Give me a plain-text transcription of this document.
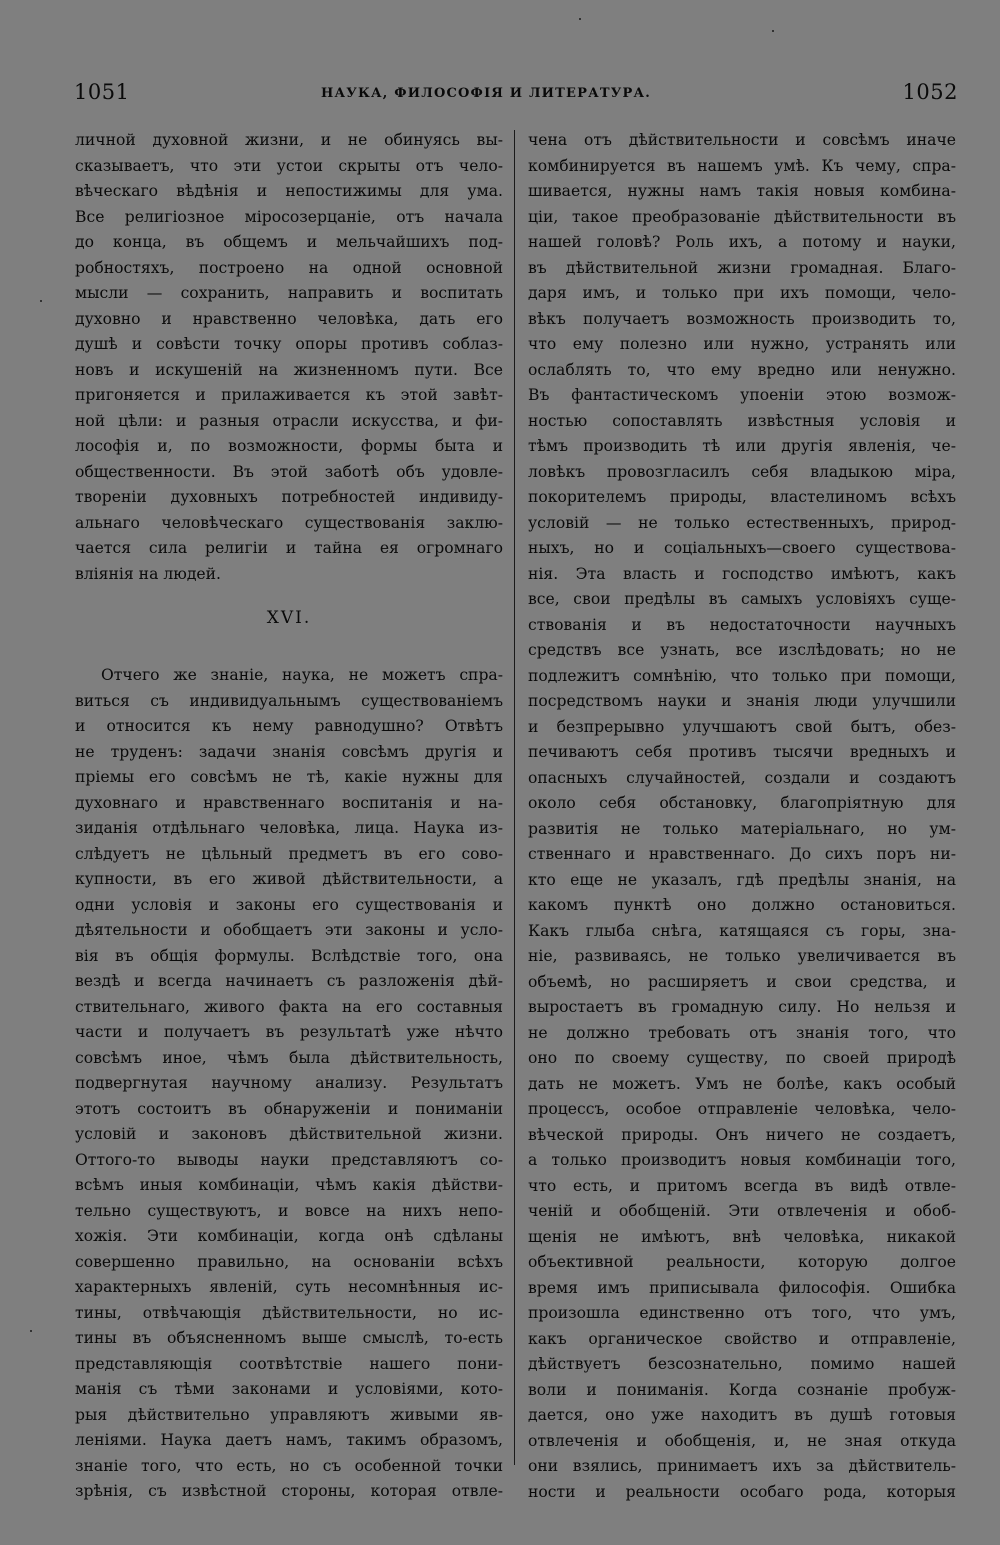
1051	НАУКА, ФИЛОСОФIЯ И ЛИТЕРАТУРА.	1052
личной духовной жизни, и не обинуясь вы-
сказываетъ, что эти устои скрыты отъ чело-
вѣческаго вѣдѣнія и непостижимы для ума.
Все религіозное міросозерцаніе, отъ начала
до конца, въ общемъ и мельчайшихъ под-
робностяхъ, построено на одной основной
мысли — сохранить, направить и воспитать
духовно и нравственно человѣка, дать его
душѣ и совѣсти точку опоры противъ соблаз-
новъ и искушеній на жизненномъ пути. Все
пригоняется и прилаживается къ этой завѣт-
ной цѣли: и разныя отрасли искусства, и фи-
лософія и, по возможности, формы быта и
общественности. Въ этой заботѣ объ удовле-
твореніи духовныхъ потребностей индивиду-
альнаго человѣческаго существованія заклю-
чается сила религіи и тайна ея огромнаго
вліянія на людей.
XVI.
Отчего же знаніе, наука, не можетъ спра-
виться съ индивидуальнымъ существованіемъ
и относится къ нему равнодушно? Отвѣтъ
не труденъ: задачи знанія совсѣмъ другія и
пріемы его совсѣмъ не тѣ, какіе нужны для
духовнаго и нравственнаго воспитанія и на-
зиданія отдѣльнаго человѣка, лица. Наука из-
слѣдуетъ не цѣльный предметъ въ его сово-
купности, въ его живой дѣйствительности, а
одни условія и законы его существованія и
дѣятельности и обобщаетъ эти законы и усло-
вія въ общія формулы. Вслѣдствіе того, она
вездѣ и всегда начинаетъ съ разложенія дѣй-
ствительнаго, живого факта на его составныя
части и получаетъ въ результатѣ уже нѣчто
совсѣмъ иное, чѣмъ была дѣйствительность,
подвергнутая научному анализу. Результатъ
этотъ состоитъ въ обнаруженіи и пониманіи
условій и законовъ дѣйствительной жизни.
Оттого-то выводы науки представляютъ со-
всѣмъ иныя комбинаціи, чѣмъ какія дѣйстви-
тельно существуютъ, и вовсе на нихъ непо-
хожія. Эти комбинаціи, когда онѣ сдѣланы
совершенно правильно, на основаніи всѣхъ
характерныхъ явленій, суть несомнѣнныя ис-
тины, отвѣчающія дѣйствительности, но ис-
тины въ объясненномъ выше смыслѣ, то-есть
представляющія соотвѣтствіе нашего пони-
манія съ тѣми законами и условіями, кото-
рыя дѣйствительно управляютъ живыми яв-
леніями. Наука даетъ намъ, такимъ образомъ,
знаніе того, что есть, но съ особенной точки
зрѣнія, съ извѣстной стороны, которая отвле-
чена отъ дѣйствительности и совсѣмъ иначе
комбинируется въ нашемъ умѣ. Къ чему, спра-
шивается, нужны намъ такія новыя комбина-
ціи, такое преобразованіе дѣйствительности въ
нашей головѣ? Роль ихъ, а потому и науки,
въ дѣйствительной жизни громадная. Благо-
даря имъ, и только при ихъ помощи, чело-
вѣкъ получаетъ возможность производить то,
что ему полезно или нужно, устранять или
ослаблять то, что ему вредно или ненужно.
Въ фантастическомъ упоеніи этою возмож-
ностью сопоставлять извѣстныя условія и
тѣмъ производить тѣ или другія явленія, че-
ловѣкъ провозгласилъ себя владыкою міра,
покорителемъ природы, властелиномъ всѣхъ
условій — не только естественныхъ, природ-
ныхъ, но и соціальныхъ—своего существова-
нія. Эта власть и господство имѣютъ, какъ
все, свои предѣлы въ самыхъ условіяхъ суще-
ствованія и въ недостаточности научныхъ
средствъ все узнать, все изслѣдовать; но не
подлежитъ сомнѣнію, что только при помощи,
посредствомъ науки и знанія люди улучшили
и безпрерывно улучшаютъ свой бытъ, обез-
печиваютъ себя противъ тысячи вредныхъ и
опасныхъ случайностей, создали и создаютъ
около себя обстановку, благопріятную для
развитія не только матеріальнаго, но ум-
ственнаго и нравственнаго. До сихъ поръ ни-
кто еще не указалъ, гдѣ предѣлы знанія, на
какомъ пунктѣ оно должно остановиться.
Какъ глыба снѣга, катящаяся съ горы, зна-
ніе, развиваясь, не только увеличивается въ
объемѣ, но расширяетъ и свои средства, и
выростаетъ въ громадную силу. Но нельзя и
не должно требовать отъ знанія того, что
оно по своему существу, по своей природѣ
дать не можетъ. Умъ не болѣе, какъ особый
процессъ, особое отправленіе человѣка, чело-
вѣческой природы. Онъ ничего не создаетъ,
а только производитъ новыя комбинаціи того,
что есть, и притомъ всегда въ видѣ отвле-
ченій и обобщеній. Эти отвлеченія и обоб-
щенія не имѣютъ, внѣ человѣка, никакой
объективной реальности, которую долгое
время имъ приписывала философія. Ошибка
произошла единственно отъ того, что умъ,
какъ органическое свойство и отправленіе,
дѣйствуетъ безсознательно, помимо нашей
воли и пониманія. Когда сознаніе пробуж-
дается, оно уже находитъ въ душѣ готовыя
отвлеченія и обобщенія, и, не зная откуда
они взялись, принимаетъ ихъ за дѣйствитель-
ности и реальности особаго рода, которыя
